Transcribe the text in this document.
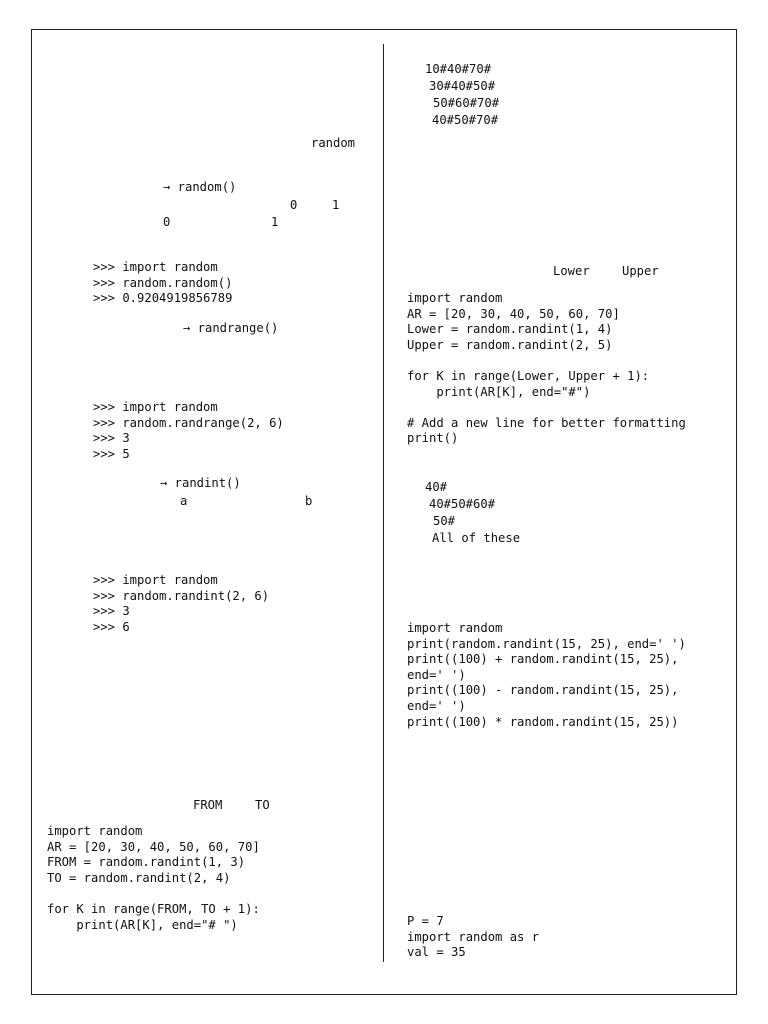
random
→ random()
0	1
0	1
>>> import random
>>> random.random()
>>> 0.9204919856789
→ randrange()
>>> import random
>>> random.randrange(2, 6)
>>> 3
>>> 5
→ randint()
a	b
>>> import random
>>> random.randint(2, 6)
>>> 3
>>> 6
FROM	TO
import random
AR = [20, 30, 40, 50, 60, 70]
FROM = random.randint(1, 3)
TO = random.randint(2, 4)

for K in range(FROM, TO + 1):
print(AR[K], end="# ")
10#40#70#
30#40#50#
50#60#70#
40#50#70#
Lower	Upper
import random
AR = [20, 30, 40, 50, 60, 70]
Lower = random.randint(1, 4)
Upper = random.randint(2, 5)

for K in range(Lower, Upper + 1):
print(AR[K], end="#")

# Add a new line for better formatting
print()
40#
40#50#60#
50#
All of these
import random
print(random.randint(15, 25), end=' ')
print((100) + random.randint(15, 25),
end=' ')
print((100) - random.randint(15, 25),
end=' ')
print((100) * random.randint(15, 25))
P = 7
import random as r
val = 35
